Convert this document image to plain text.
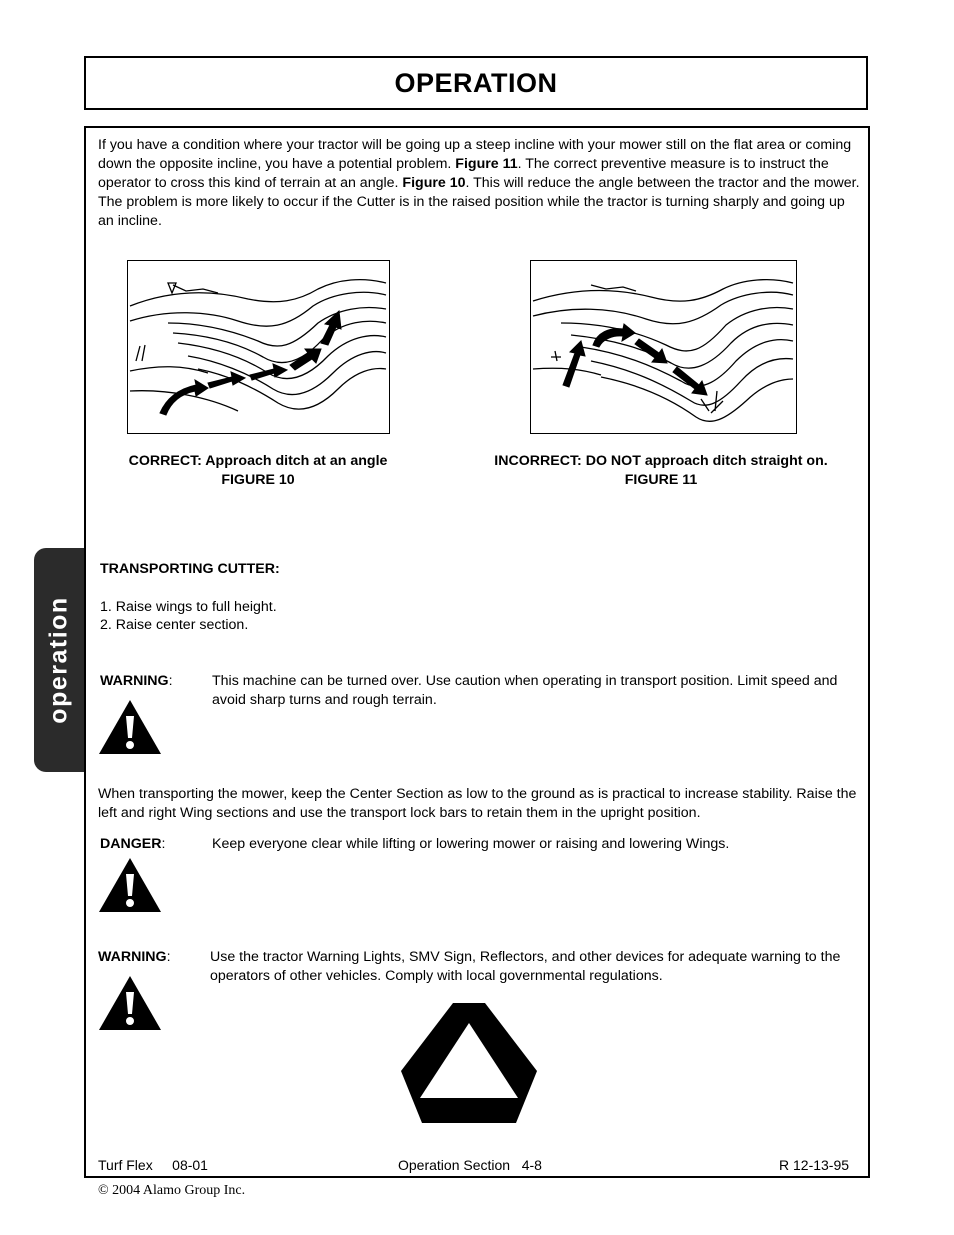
OPERATION
operation
If you have a condition where your tractor will be going up a steep incline with your mower still on the flat area or coming down the opposite incline, you have a potential problem. Figure 11. The correct preventive measure is to instruct the operator to cross this kind of terrain at an angle. Figure 10. This will reduce the angle between the tractor and the mower. The problem is more likely to occur if the Cutter is in the raised position while the tractor is turning sharply and going up an incline.
CORRECT: Approach ditch at an angle
FIGURE 10
INCORRECT: DO NOT approach ditch straight on.
FIGURE 11
TRANSPORTING CUTTER:
1. Raise wings to full height.
2. Raise center section.
WARNING:	This machine can be turned over. Use caution when operating in transport position. Limit speed and avoid sharp turns and rough terrain.
When transporting the mower, keep the Center Section as low to the ground as is practical to increase stability. Raise the left and right Wing sections and use the transport lock bars to retain them in the upright position.
DANGER:	Keep everyone clear while lifting or lowering mower or raising and lowering Wings.
WARNING:	Use the tractor Warning Lights, SMV Sign, Reflectors, and other devices for adequate warning to the operators of other vehicles. Comply with local governmental regulations.
Turf Flex     08-01	Operation Section   4-8	R 12-13-95
© 2004 Alamo Group Inc.
